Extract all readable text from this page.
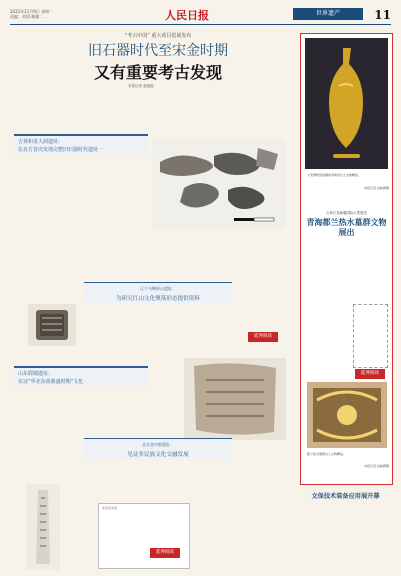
2022年11月9日 星期一
责编：刘清 邮箱：...	人民日报	世界遗产	11
“考古中国” 重大项目进展发布
旧石器时代至宋金时期
又有重要考古发现
本报记者 赵晓霞
吉林和龙大洞遗址：
在北方首次发现完整旧石器时代遗址一
辽宁马鞍桥山遗址：
为研究红山文化聚落形态提供资料
山东郓城遗址：
实证“华北东部鼎盛时期”文化
北京金中都遗址：
见证多民族文化交融发展
延伸阅读
北京有学者
延伸阅读
大英博物馆馆藏的青海省出土文物精品。
本报记者 赵晓霞摄
吉林长春新疆国际大型展览
青海都兰热水墓群文物展出
延伸阅读
都兰热水墓群出土文物精品。
本报记者 赵晓霞摄
文保技术装备应用展开幕
